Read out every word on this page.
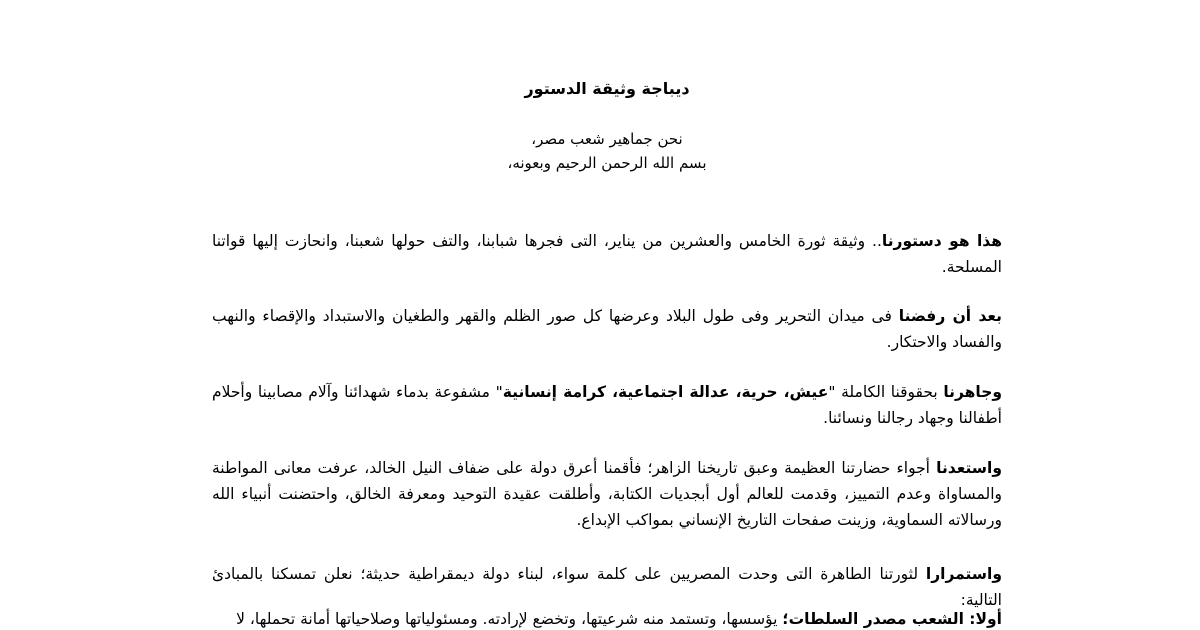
ديباجة وثيقة الدستور
نحن جماهير شعب مصر،
بسم الله الرحمن الرحيم وبعونه،

هذا هو دستورنا.. وثيقة ثورة الخامس والعشرين من يناير، التى فجرها شبابنا، والتف حولها شعبنا، وانحازت إليها قواتنا المسلحة.

بعد أن رفضنا فى ميدان التحرير وفى طول البلاد وعرضها كل صور الظلم والقهر والطغيان والاستبداد والإقصاء والنهب والفساد والاحتكار.

وجاهرنا بحقوقنا الكاملة "عيش، حرية، عدالة اجتماعية، كرامة إنسانية" مشفوعة بدماء شهدائنا وآلام مصابينا وأحلام أطفالنا وجهاد رجالنا ونسائنا.

واستعدنا أجواء حضارتنا العظيمة وعبق تاريخنا الزاهر؛ فأقمنا أعرق دولة على ضفاف النيل الخالد، عرفت معانى المواطنة والمساواة وعدم التمييز، وقدمت للعالم أول أبجديات الكتابة، وأطلقت عقيدة التوحيد ومعرفة الخالق، واحتضنت أنبياء الله ورسالاته السماوية، وزينت صفحات التاريخ الإنساني بمواكب الإبداع.

واستمرارا لثورتنا الطاهرة التى وحدت المصريين على كلمة سواء، لبناء دولة ديمقراطية حديثة؛ نعلن تمسكنا بالمبادئ التالية:

أولا: الشعب مصدر السلطات؛ يؤسسها، وتستمد منه شرعيتها، وتخضع لإرادته. ومسئولياتها وصلاحياتها أمانة تحملها، لا
